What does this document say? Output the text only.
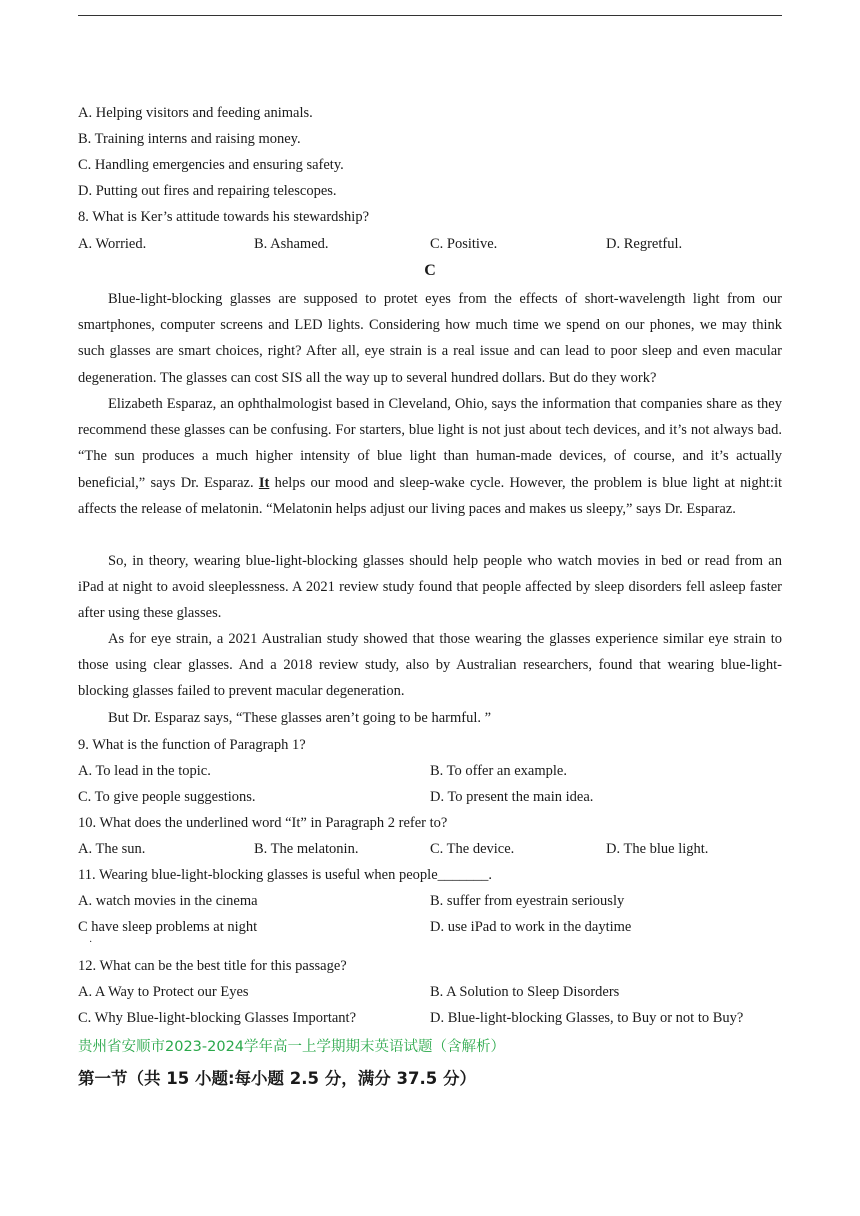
A. Helping visitors and feeding animals.
B. Training interns and raising money.
C. Handling emergencies and ensuring safety.
D. Putting out fires and repairing telescopes.
8. What is Ker’s attitude towards his stewardship?
A. Worried.	B. Ashamed.	C. Positive.	D. Regretful.
C
Blue-light-blocking glasses are supposed to protet eyes from the effects of short-wavelength light from our smartphones, computer screens and LED lights. Considering how much time we spend on our phones, we may think such glasses are smart choices, right? After all, eye strain is a real issue and can lead to poor sleep and even macular degeneration. The glasses can cost SIS all the way up to several hundred dollars. But do they work?
Elizabeth Esparaz, an ophthalmologist based in Cleveland, Ohio, says the information that companies share as they recommend these glasses can be confusing. For starters, blue light is not just about tech devices, and it’s not always bad. “The sun produces a much higher intensity of blue light than human-made devices, of course, and it’s actually beneficial,” says Dr. Esparaz. It helps our mood and sleep-wake cycle. However, the problem is blue light at night:it affects the release of melatonin. “Melatonin helps adjust our living paces and makes us sleepy,” says Dr. Esparaz.
So, in theory, wearing blue-light-blocking glasses should help people who watch movies in bed or read from an iPad at night to avoid sleeplessness. A 2021 review study found that people affected by sleep disorders fell asleep faster after using these glasses.
As for eye strain, a 2021 Australian study showed that those wearing the glasses experience similar eye strain to those using clear glasses. And a 2018 review study, also by Australian researchers, found that wearing blue-light-blocking glasses failed to prevent macular degeneration.
But Dr. Esparaz says, “These glasses aren’t going to be harmful. ”
9. What is the function of Paragraph 1?
A. To lead in the topic.	B. To offer an example.
C. To give people suggestions.	D. To present the main idea.
10. What does the underlined word “It” in Paragraph 2 refer to?
A. The sun.	B. The melatonin.	C. The device.	D. The blue light.
11. Wearing blue-light-blocking glasses is useful when people_______.
A. watch movies in the cinema	B. suffer from eyestrain seriously
C have sleep problems at night
·
D. use iPad to work in the daytime
12. What can be the best title for this passage?
A. A Way to Protect our Eyes	B. A Solution to Sleep Disorders
C. Why Blue-light-blocking Glasses Important?	D. Blue-light-blocking Glasses, to Buy or not to Buy?
贵州省安顺市2023-2024学年高一上学期期末英语试题（含解析）
第一节（共 15 小题:每小题 2.5 分，满分 37.5 分）
